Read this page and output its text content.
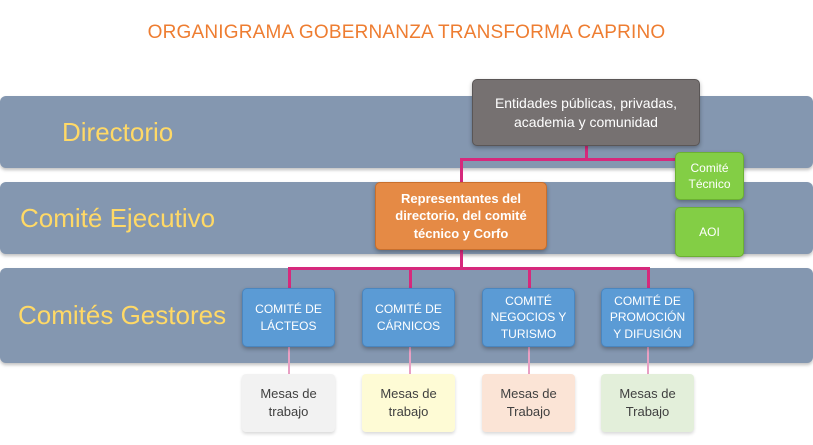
ORGANIGRAMA GOBERNANZA TRANSFORMA CAPRINO
Directorio
Comité Ejecutivo
Comités Gestores
Entidades públicas, privadas, academia y comunidad
Representantes del directorio, del comité técnico y Corfo
Comité Técnico
AOI
COMITÉ DE LÁCTEOS
COMITÉ DE CÁRNICOS
COMITÉ NEGOCIOS Y TURISMO
COMITÉ DE PROMOCIÓN Y DIFUSIÓN
Mesas de trabajo
Mesas de trabajo
Mesas de Trabajo
Mesas de Trabajo
